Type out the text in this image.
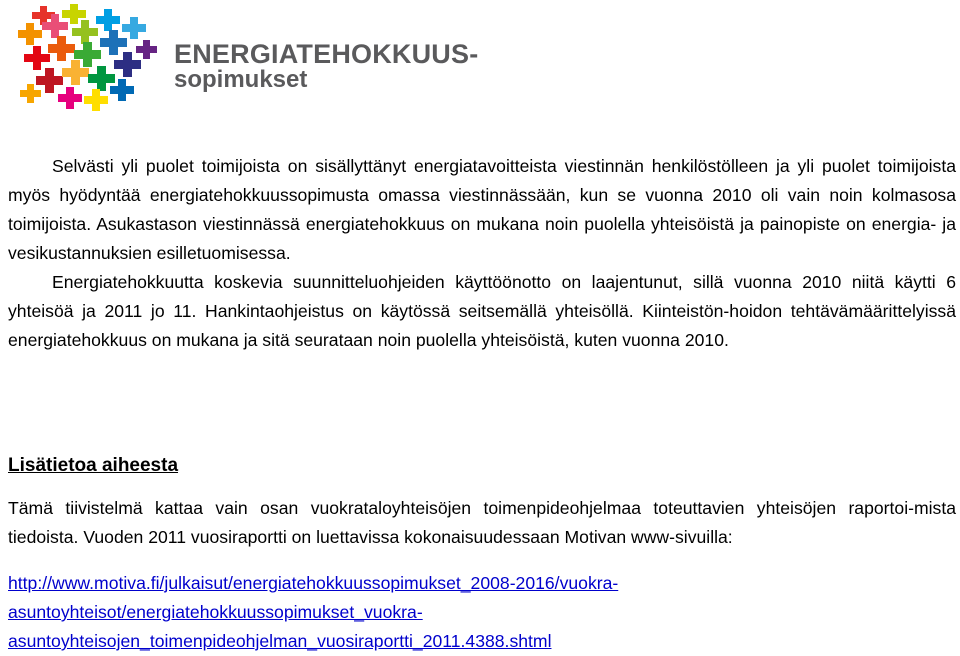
ENERGIATEHOKKUUS-
sopimukset

Selvästi yli puolet toimijoista on sisällyttänyt energiatavoitteista viestinnän henkilöstölleen ja yli puolet toimijoista myös hyödyntää energiatehokkuussopimusta omassa viestinnässään, kun se vuonna 2010 oli vain noin kolmasosa toimijoista. Asukastason viestinnässä energiatehokkuus on mukana noin puolella yhteisöistä ja painopiste on energia- ja vesikustannuksien esilletuomisessa.

Energiatehokkuutta koskevia suunnitteluohjeiden käyttöönotto on laajentunut, sillä vuonna 2010 niitä käytti 6 yhteisöä ja 2011 jo 11. Hankintaohjeistus on käytössä seitsemällä yhteisöllä. Kiinteistön-hoidon tehtävämäärittelyissä energiatehokkuus on mukana ja sitä seurataan noin puolella yhteisöistä, kuten vuonna 2010.

Lisätietoa aiheesta

Tämä tiivistelmä kattaa vain osan vuokrataloyhteisöjen toimenpideohjelmaa toteuttavien yhteisöjen raportoi-mista tiedoista. Vuoden 2011 vuosiraportti on luettavissa kokonaisuudessaan Motivan www-sivuilla:

http://www.motiva.fi/julkaisut/energiatehokkuussopimukset_2008-2016/vuokra-
asuntoyhteisot/energiatehokkuussopimukset_vuokra-
asuntoyhteisojen_toimenpideohjelman_vuosiraportti_2011.4388.shtml
